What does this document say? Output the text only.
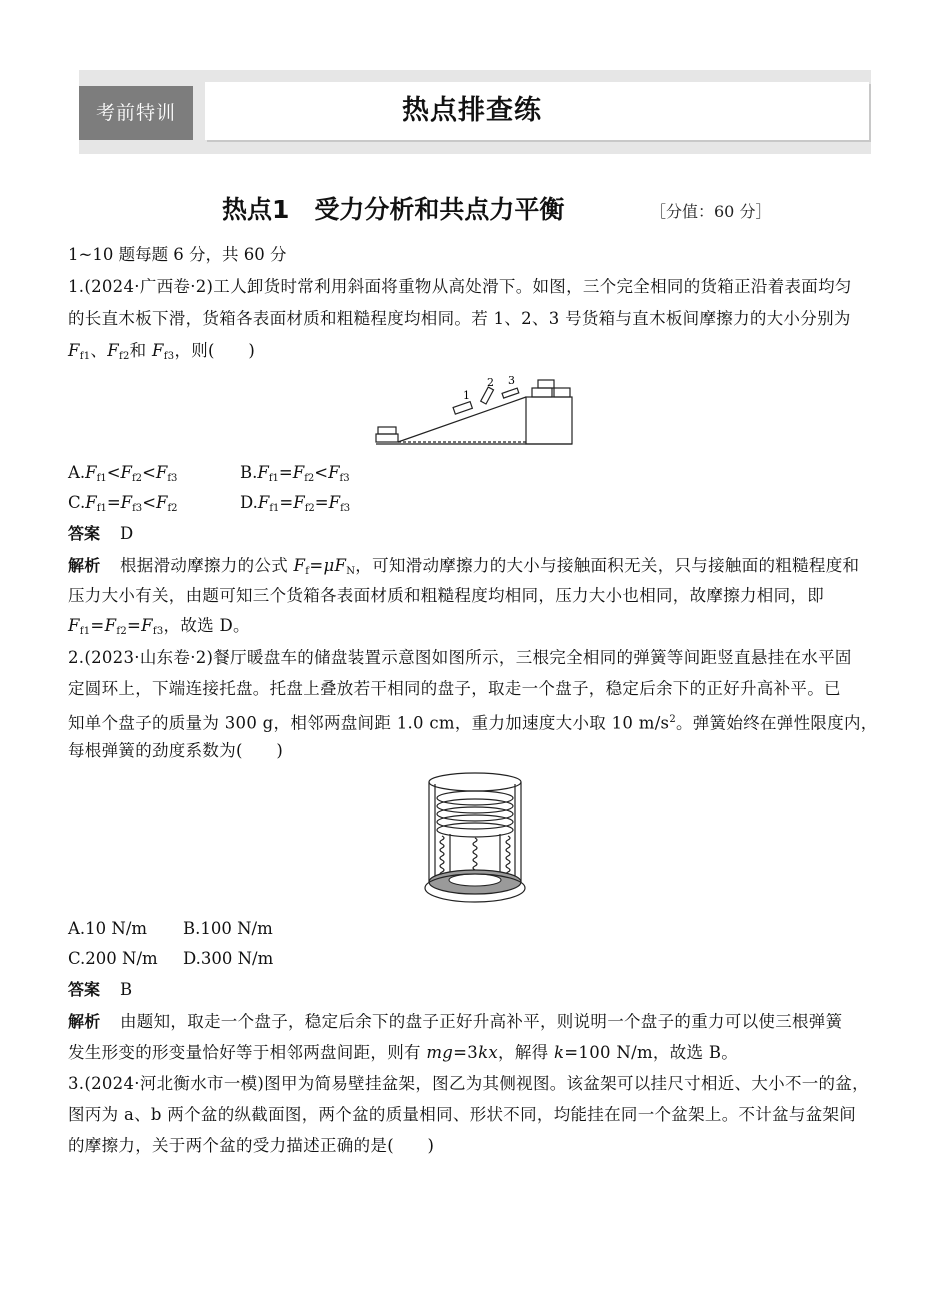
考前特训	热点排查练
热点1　受力分析和共点力平衡	［分值：60 分］
1~10 题每题 6 分，共 60 分
1.(2024·广西卷·2)工人卸货时常利用斜面将重物从高处滑下。如图，三个完全相同的货箱正沿着表面均匀
的长直木板下滑，货箱各表面材质和粗糙程度均相同。若 1、2、3 号货箱与直木板间摩擦力的大小分别为
$F_{f1}$、$F_{f2}$和 $F_{f3}$，则(　　)
1
2 3
$A.F_{f1}<F_{f2}<F_{f3}$	$B.F_{f1}=F_{f2}<F_{f3}$
$C.F_{f1}=F_{f3}<F_{f2}$	$D.F_{f1}=F_{f2}=F_{f3}$
答案 D
解析 根据滑动摩擦力的公式 $F_f=\mu F_N$，可知滑动摩擦力的大小与接触面积无关，只与接触面的粗糙程度和
压力大小有关，由题可知三个货箱各表面材质和粗糙程度均相同，压力大小也相同，故摩擦力相同，即
$F_{f1}=F_{f2}=F_{f3}$，故选 D。
2.(2023·山东卷·2)餐厅暖盘车的储盘装置示意图如图所示，三根完全相同的弹簧等间距竖直悬挂在水平固
定圆环上，下端连接托盘。托盘上叠放若干相同的盘子，取走一个盘子，稳定后余下的正好升高补平。已
知单个盘子的质量为 300 g，相邻两盘间距 1.0 cm，重力加速度大小取 10 $m/s^2$。弹簧始终在弹性限度内，
每根弹簧的劲度系数为(　　)
A.10 N/m B.100 N/m
C.200 N/m D.300 N/m
答案 B
解析 由题知，取走一个盘子，稳定后余下的盘子正好升高补平，则说明一个盘子的重力可以使三根弹簧
发生形变的形变量恰好等于相邻两盘间距，则有 mg=3kx，解得 k=100 N/m，故选 B。
3.(2024·河北衡水市一模)图甲为简易壁挂盆架，图乙为其侧视图。该盆架可以挂尺寸相近、大小不一的盆，
图丙为 a、b 两个盆的纵截面图，两个盆的质量相同、形状不同，均能挂在同一个盆架上。不计盆与盆架间
的摩擦力，关于两个盆的受力描述正确的是(　　)
